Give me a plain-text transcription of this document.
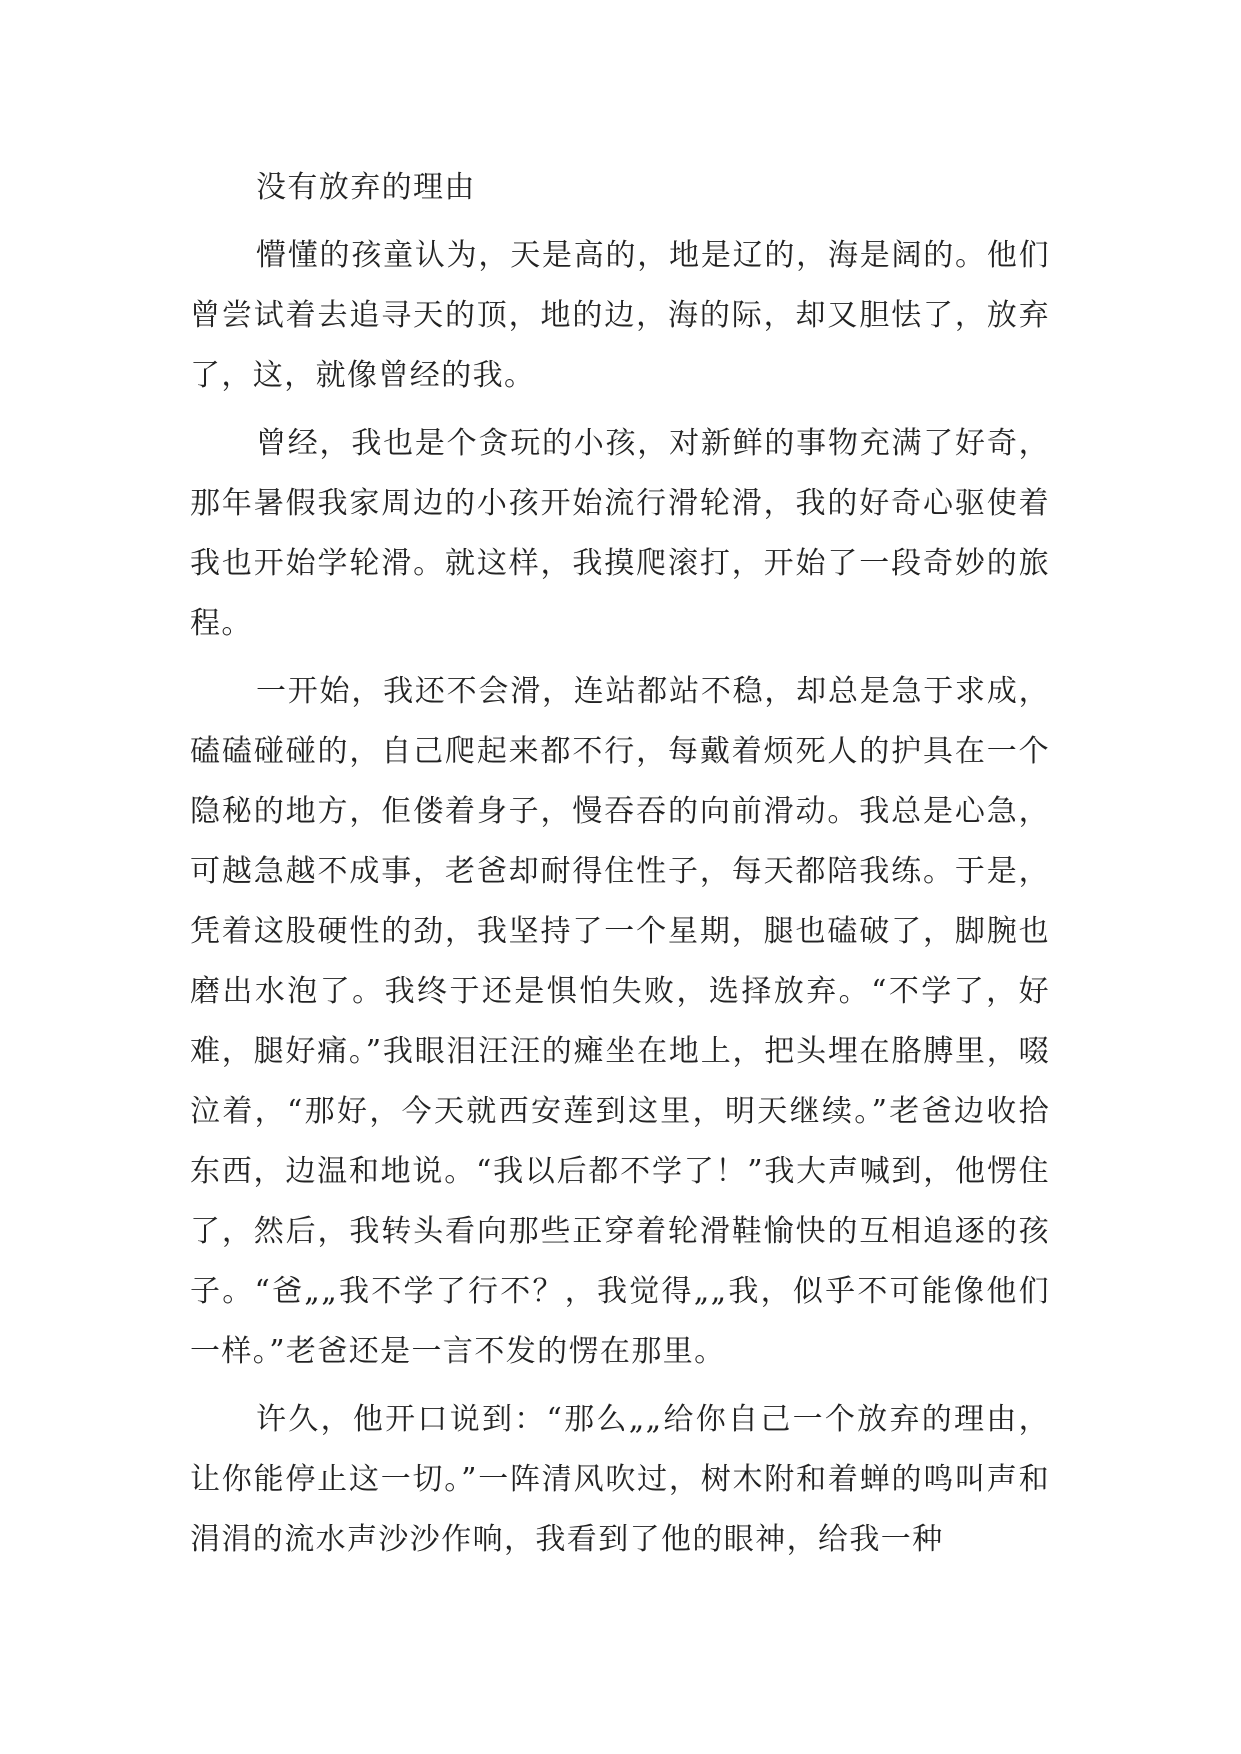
没有放弃的理由

懵懂的孩童认为，天是高的，地是辽的，海是阔的。他们曾尝试着去追寻天的顶，地的边，海的际，却又胆怯了，放弃了，这，就像曾经的我。

曾经，我也是个贪玩的小孩，对新鲜的事物充满了好奇，那年暑假我家周边的小孩开始流行滑轮滑，我的好奇心驱使着我也开始学轮滑。就这样，我摸爬滚打，开始了一段奇妙的旅程。

一开始，我还不会滑，连站都站不稳，却总是急于求成，磕磕碰碰的，自己爬起来都不行，每戴着烦死人的护具在一个隐秘的地方，佢偻着身子，慢吞吞的向前滑动。我总是心急，可越急越不成事，老爸却耐得住性子，每天都陪我练。于是，凭着这股硬性的劲，我坚持了一个星期，腿也磕破了，脚腕也磨出水泡了。我终于还是惧怕失败，选择放弃。“不学了，好难，腿好痛。”我眼泪汪汪的瘫坐在地上，把头埋在胳膊里，啜泣着，“那好，今天就西安莲到这里，明天继续。”老爸边收拾东西，边温和地说。“我以后都不学了！”我大声喊到，他愣住了，然后，我转头看向那些正穿着轮滑鞋愉快的互相追逐的孩子。“爸„„我不学了行不？，我觉得„„我，似乎不可能像他们一样。”老爸还是一言不发的愣在那里。

许久，他开口说到：“那么„„给你自己一个放弃的理由，让你能停止这一切。”一阵清风吹过，树木附和着蝉的鸣叫声和涓涓的流水声沙沙作响，我看到了他的眼神，给我一种
